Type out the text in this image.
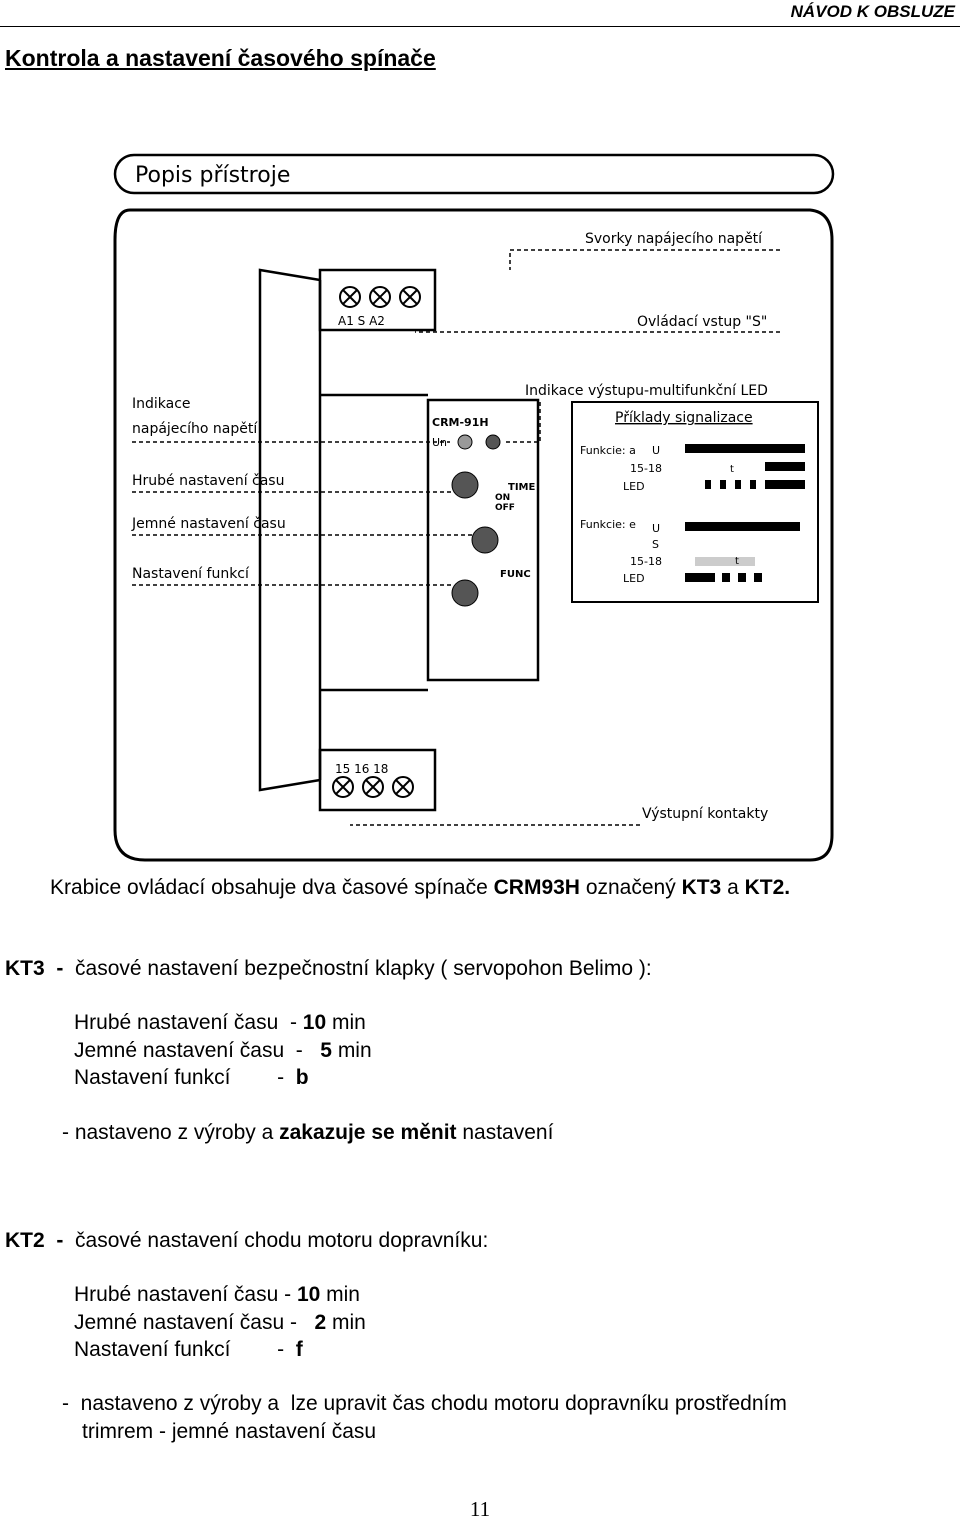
NÁVOD K OBSLUZE
Kontrola a nastavení časového spínače
Popis přístroje
A1 S A2
15 16 18
CRM-91H
Un
TIME
ON
OFF
FUNC
Indikace
napájecího napětí
Hrubé nastavení času
Jemné nastavení času
Nastavení funkcí
Svorky napájecího napětí
Ovládací vstup "S"
Indikace výstupu-multifunkční LED
Výstupní kontakty
Příklady signalizace
Funkcie: a U
15-18
LED
t
Funkcie: e U
S
15-18
LED
t
Krabice ovládací obsahuje dva časové spínače CRM93H označený KT3 a KT2.
KT3  -  časové nastavení bezpečnostní klapky ( servopohon Belimo ):
Hrubé nastavení času  - 10 min
Jemné nastavení času  -   5 min
Nastavení funkcí        -  b
- nastaveno z výroby a zakazuje se měnit nastavení
KT2  -  časové nastavení chodu motoru dopravníku:
Hrubé nastavení času - 10 min
Jemné nastavení času -   2 min
Nastavení funkcí        -  f
-  nastaveno z výroby a  lze upravit čas chodu motoru dopravníku prostředním
trimrem - jemné nastavení času
11
